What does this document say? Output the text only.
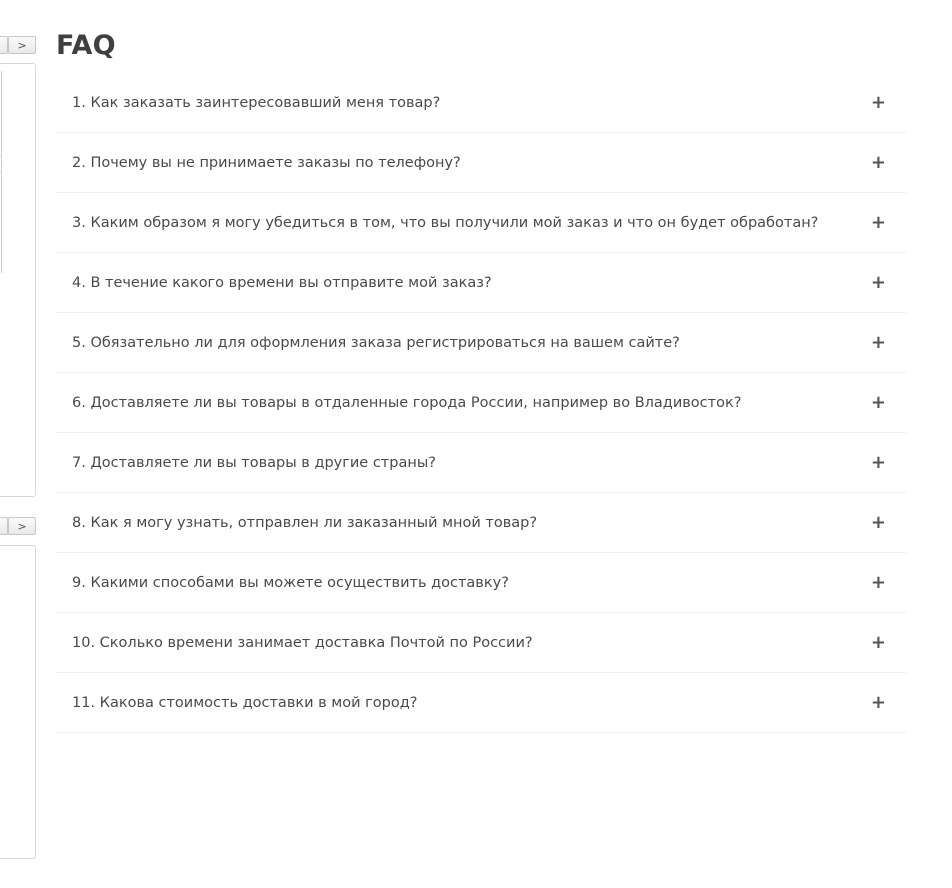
>
>
FAQ
1. Как заказать заинтересовавший меня товар?	+
2. Почему вы не принимаете заказы по телефону?	+
3. Каким образом я могу убедиться в том, что вы получили мой заказ и что он будет обработан?	+
4. В течение какого времени вы отправите мой заказ?	+
5. Обязательно ли для оформления заказа регистрироваться на вашем сайте?	+
6. Доставляете ли вы товары в отдаленные города России, например во Владивосток?	+
7. Доставляете ли вы товары в другие страны?	+
8. Как я могу узнать, отправлен ли заказанный мной товар?	+
9. Какими способами вы можете осуществить доставку?	+
10. Сколько времени занимает доставка Почтой по России?	+
11. Какова стоимость доставки в мой город?	+
